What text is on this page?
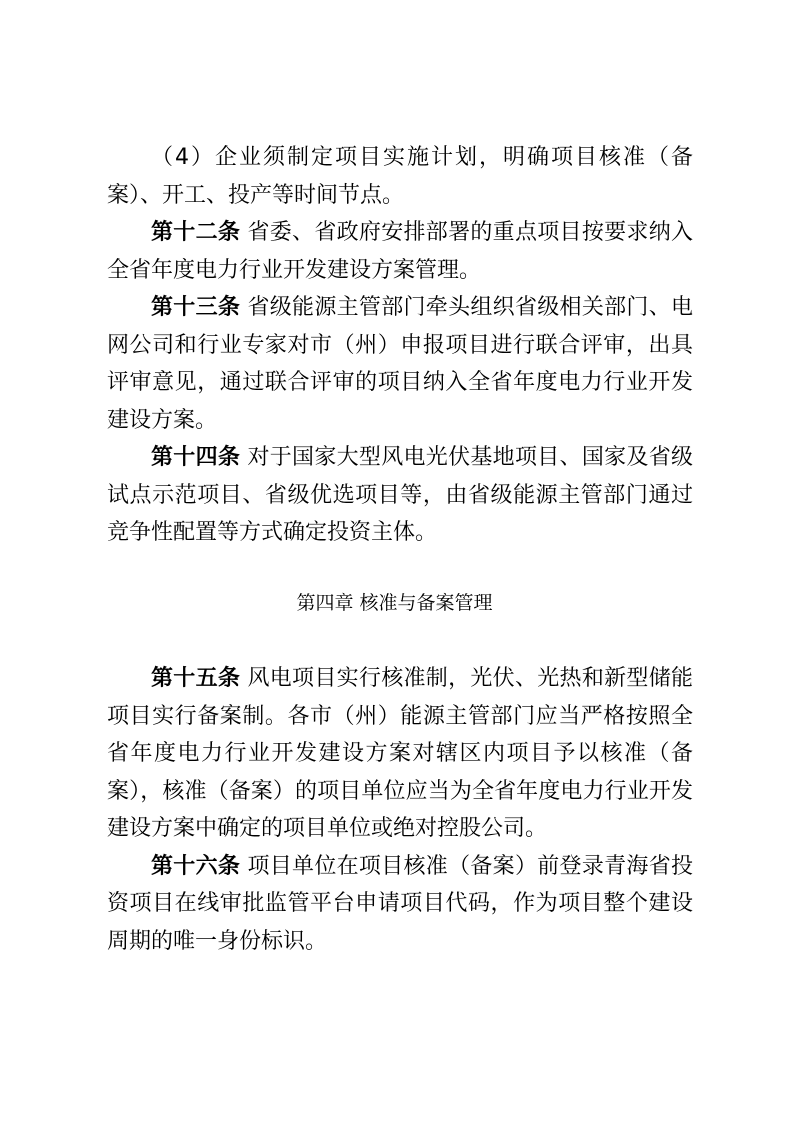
（4）企业须制定项目实施计划，明确项目核准（备案）、开工、投产等时间节点。

第十二条 省委、省政府安排部署的重点项目按要求纳入全省年度电力行业开发建设方案管理。

第十三条 省级能源主管部门牵头组织省级相关部门、电网公司和行业专家对市（州）申报项目进行联合评审，出具评审意见，通过联合评审的项目纳入全省年度电力行业开发建设方案。

第十四条 对于国家大型风电光伏基地项目、国家及省级试点示范项目、省级优选项目等，由省级能源主管部门通过竞争性配置等方式确定投资主体。

第四章 核准与备案管理

第十五条 风电项目实行核准制，光伏、光热和新型储能项目实行备案制。各市（州）能源主管部门应当严格按照全省年度电力行业开发建设方案对辖区内项目予以核准（备案），核准（备案）的项目单位应当为全省年度电力行业开发建设方案中确定的项目单位或绝对控股公司。

第十六条 项目单位在项目核准（备案）前登录青海省投资项目在线审批监管平台申请项目代码，作为项目整个建设周期的唯一身份标识。
